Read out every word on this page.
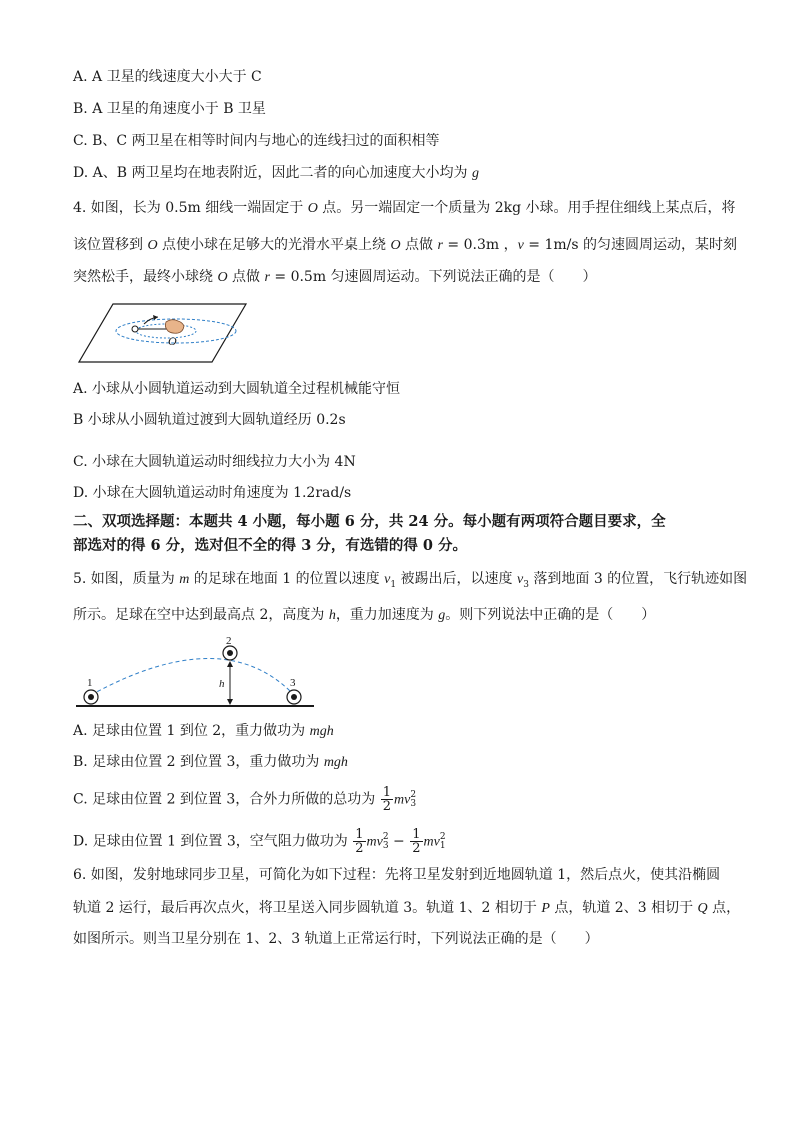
A. A 卫星的线速度大小大于 C
B. A 卫星的角速度小于 B 卫星
C. B、C 两卫星在相等时间内与地心的连线扫过的面积相等
D. A、B 两卫星均在地表附近，因此二者的向心加速度大小均为 g
4. 如图，长为 0.5m 细线一端固定于 O 点。另一端固定一个质量为 2kg 小球。用手捏住细线上某点后，将
该位置移到 O 点使小球在足够大的光滑水平桌上绕 O 点做 r = 0.3m ，v = 1m/s 的匀速圆周运动，某时刻
突然松手，最终小球绕 O 点做 r = 0.5m 匀速圆周运动。下列说法正确的是（　　）
O
A. 小球从小圆轨道运动到大圆轨道全过程机械能守恒
B 小球从小圆轨道过渡到大圆轨道经历 0.2s
C. 小球在大圆轨道运动时细线拉力大小为 4N
D. 小球在大圆轨道运动时角速度为 1.2rad/s
二、双项选择题：本题共 4 小题，每小题 6 分，共 24 分。每小题有两项符合题目要求，全
部选对的得 6 分，选对但不全的得 3 分，有选错的得 0 分。
5. 如图，质量为 m 的足球在地面 1 的位置以速度 $v_1$ 被踢出后，以速度 $v_3$ 落到地面 3 的位置，飞行轨迹如图
所示。足球在空中达到最高点 2，高度为 h，重力加速度为 g。则下列说法中正确的是（　　）
1
2
3
h
A. 足球由位置 1 到位 2，重力做功为 mgh
B. 足球由位置 2 到位置 3，重力做功为 mgh
C. 足球由位置 2 到位置 3，合外力所做的总功为 $\frac{1}{2}$ mv 2
3
D. 足球由位置 1 到位置 3，空气阻力做功为 $\frac{1}{2}$ mv 2
$3 - \frac{1}{2}$ mv 2
1
6. 如图，发射地球同步卫星，可简化为如下过程：先将卫星发射到近地圆轨道 1，然后点火，使其沿椭圆
轨道 2 运行，最后再次点火，将卫星送入同步圆轨道 3。轨道 1、2 相切于 P 点，轨道 2、3 相切于 Q 点，
如图所示。则当卫星分别在 1、2、3 轨道上正常运行时，下列说法正确的是（　　）
